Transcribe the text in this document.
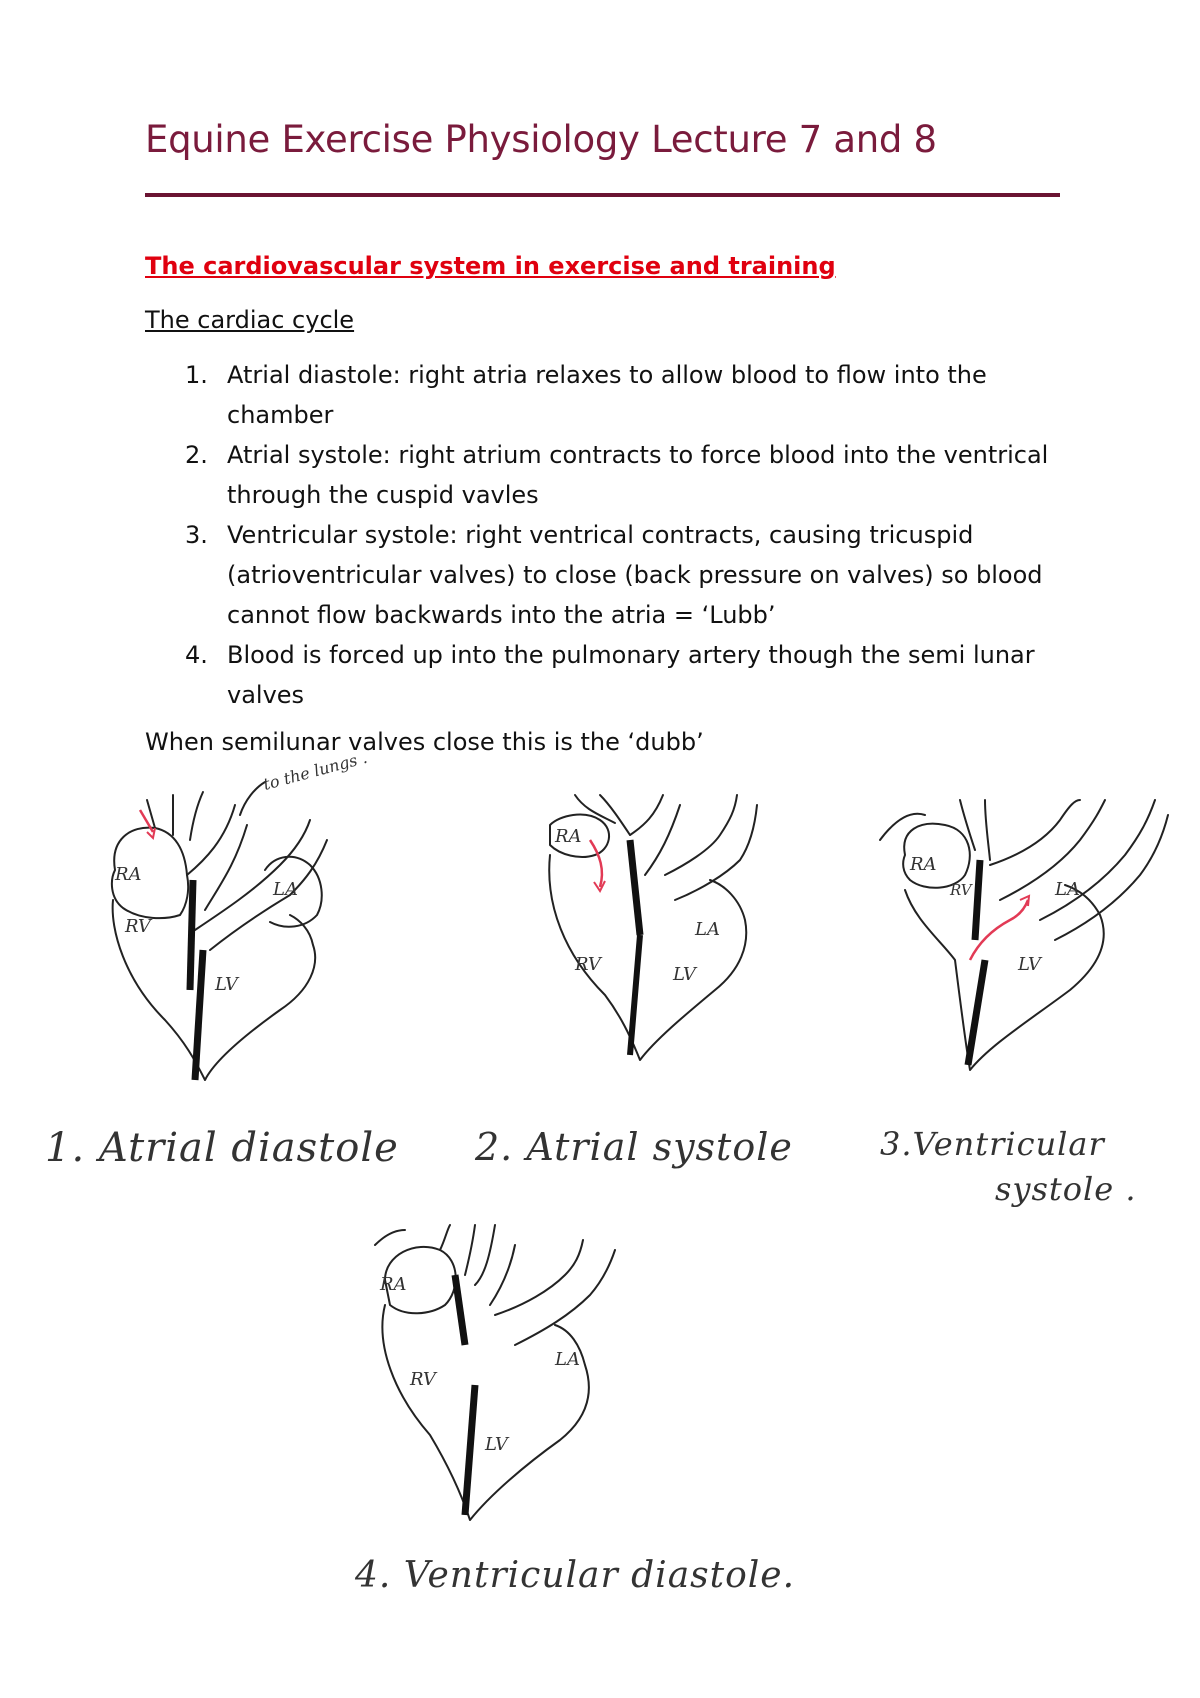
Equine Exercise Physiology Lecture 7 and 8
The cardiovascular system in exercise and training
The cardiac cycle
1. Atrial diastole: right atria relaxes to allow blood to flow into the chamber
2. Atrial systole: right atrium contracts to force blood into the ventrical through the cuspid vavles
3. Ventricular systole: right ventrical contracts, causing tricuspid (atrioventricular valves) to close (back pressure on valves) so blood cannot flow backwards into the atria = ‘Lubb’
4. Blood is forced up into the pulmonary artery though the semi lunar valves

When semilunar valves close this is the ‘dubb’

RA
RV
LA
LV
to the lungs .
RA
RV
LA
LV
RA
RV	LA
LV
RA
RV
LA
LV
1. Atrial diastole 2. Atrial systole	3.Ventricular
systole .
4. Ventricular diastole.
